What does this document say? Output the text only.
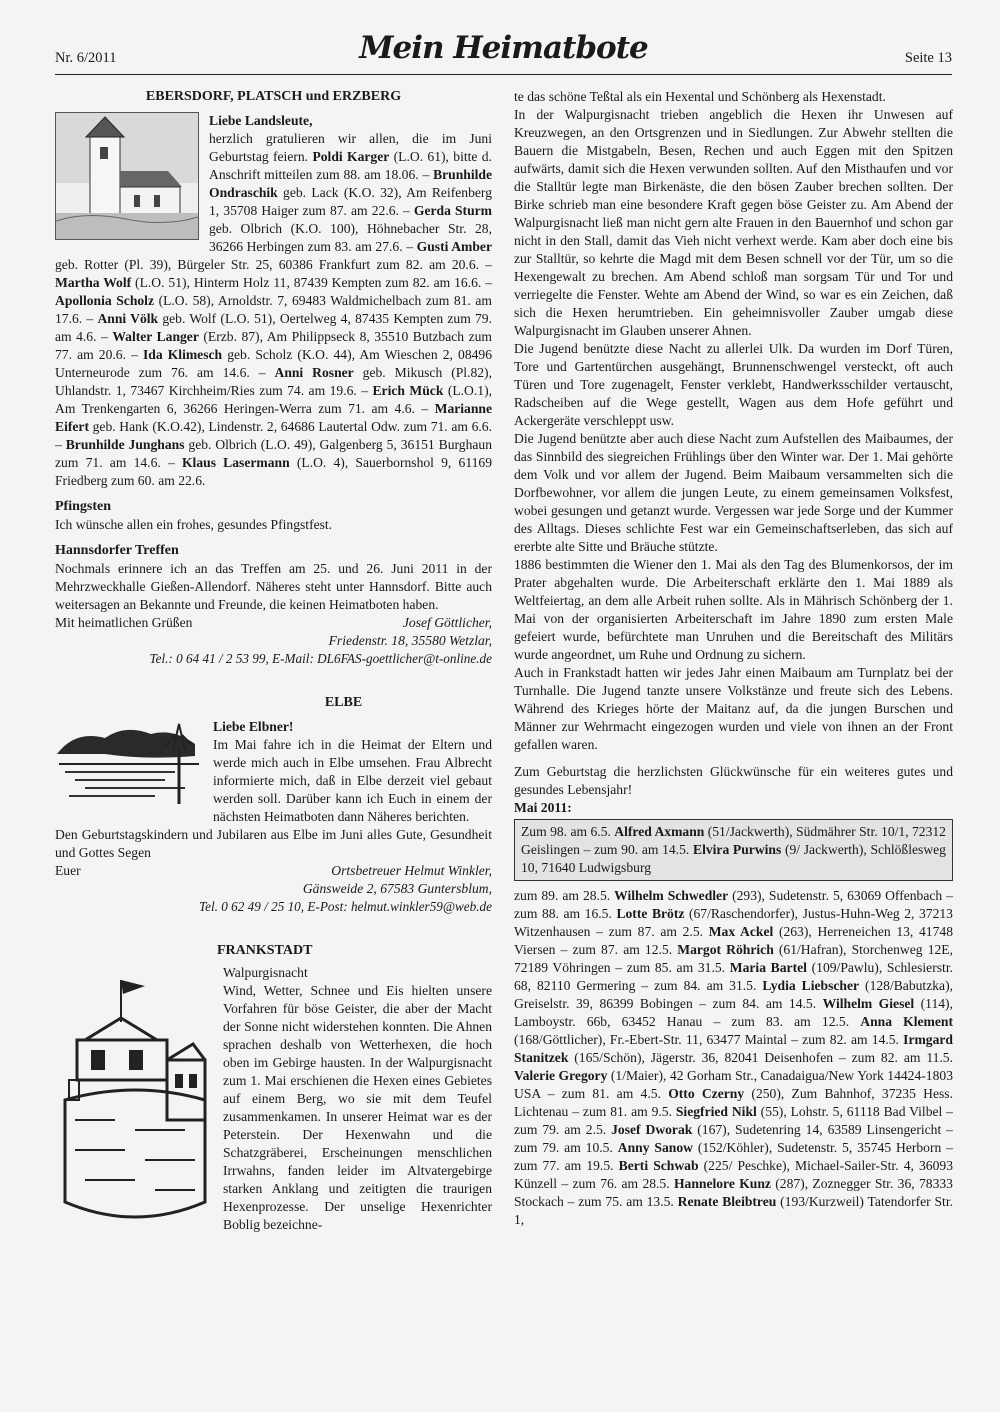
Nr. 6/2011	Mein Heimatbote	Seite 13
EBERSDORF, PLATSCH und ERZBERG

Liebe Landsleute,

herzlich gratulieren wir allen, die im Juni Geburtstag feiern. Poldi Karger (L.O. 61), bitte d. Anschrift mitteilen zum 88. am 18.06. – Brunhilde Ondraschik geb. Lack (K.O. 32), Am Reifenberg 1, 35708 Haiger zum 87. am 22.6. – Gerda Sturm geb. Olbrich (K.O. 100), Höhnebacher Str. 28, 36266 Herbingen zum 83. am 27.6. – Gusti Amber geb. Rotter (Pl. 39), Bürgeler Str. 25, 60386 Frankfurt zum 82. am 20.6. – Martha Wolf (L.O. 51), Hinterm Holz 11, 87439 Kempten zum 82. am 16.6. – Apollonia Scholz (L.O. 58), Arnoldstr. 7, 69483 Waldmichelbach zum 81. am 17.6. – Anni Völk geb. Wolf (L.O. 51), Oertelweg 4, 87435 Kempten zum 79. am 4.6. – Walter Langer (Erzb. 87), Am Philippseck 8, 35510 Butzbach zum 77. am 20.6. – Ida Klimesch geb. Scholz (K.O. 44), Am Wieschen 2, 08496 Unterneurode zum 76. am 14.6. – Anni Rosner geb. Mikusch (Pl.82), Uhlandstr. 1, 73467 Kirchheim/Ries zum 74. am 19.6. – Erich Mück (L.O.1), Am Trenkengarten 6, 36266 Heringen-Werra zum 71. am 4.6. – Marianne Eifert geb. Hank (K.O.42), Lindenstr. 2, 64686 Lautertal Odw. zum 71. am 6.6. – Brunhilde Junghans geb. Olbrich (L.O. 49), Galgenberg 5, 36151 Burghaun zum 71. am 14.6. – Klaus Lasermann (L.O. 4), Sauerbornshol 9, 61169 Friedberg zum 60. am 22.6.

Pfingsten

Ich wünsche allen ein frohes, gesundes Pfingstfest.

Hannsdorfer Treffen

Nochmals erinnere ich an das Treffen am 25. und 26. Juni 2011 in der Mehrzweckhalle Gießen-Allendorf. Näheres steht unter Hannsdorf. Bitte auch weitersagen an Bekannte und Freunde, die keinen Heimatboten haben.

Mit heimatlichen Grüßen	Josef Göttlicher,

Friedenstr. 18, 35580 Wetzlar,

Tel.: 0 64 41 / 2 53 99, E-Mail: DL6FAS-goettlicher@t-online.de

ELBE

Liebe Elbner!

Im Mai fahre ich in die Heimat der Eltern und werde mich auch in Elbe umsehen. Frau Albrecht informierte mich, daß in Elbe derzeit viel gebaut werden soll. Darüber kann ich Euch in einem der nächsten Heimatboten dann Näheres berichten.

Den Geburtstagskindern und Jubilaren aus Elbe im Juni alles Gute, Gesundheit und Gottes Segen

Euer	Ortsbetreuer Helmut Winkler,

Gänsweide 2, 67583 Guntersblum,

Tel. 0 62 49 / 25 10, E-Post: helmut.winkler59@web.de

FRANKSTADT

Walpurgisnacht

Wind, Wetter, Schnee und Eis hielten unsere Vorfahren für böse Geister, die aber der Macht der Sonne nicht widerstehen konnten. Die Ahnen sprachen deshalb von Wetterhexen, die hoch oben im Gebirge hausten. In der Walpurgisnacht zum 1. Mai erschienen die Hexen eines Gebietes auf einem Berg, wo sie mit dem Teufel zusammenkamen. In unserer Heimat war es der Peterstein. Der Hexenwahn und die Schatzgräberei, Erscheinungen menschlichen Irrwahns, fanden leider im Altvatergebirge starken Anklang und zeitigten die traurigen Hexenprozesse. Der unselige Hexenrichter Boblig bezeichne-

te das schöne Teßtal als ein Hexental und Schönberg als Hexenstadt.

In der Walpurgisnacht trieben angeblich die Hexen ihr Unwesen auf Kreuzwegen, an den Ortsgrenzen und in Siedlungen. Zur Abwehr stellten die Bauern die Mistgabeln, Besen, Rechen und auch Eggen mit den Spitzen aufwärts, damit sich die Hexen verwunden sollten. Auf den Misthaufen und vor die Stalltür legte man Birkenäste, die den bösen Zauber brechen sollten. Der Birke schrieb man eine besondere Kraft gegen böse Geister zu. Am Abend der Walpurgisnacht ließ man nicht gern alte Frauen in den Bauernhof und schon gar nicht in den Stall, damit das Vieh nicht verhext werde. Kam aber doch eine bis zur Stalltür, so kehrte die Magd mit dem Besen schnell vor der Tür, um so die Hexengewalt zu brechen. Am Abend schloß man sorgsam Tür und Tor und verriegelte die Fenster. Wehte am Abend der Wind, so war es ein Zeichen, daß sich die Hexen herumtrieben. Ein geheimnisvoller Zauber umgab diese Walpurgisnacht im Glauben unserer Ahnen.

Die Jugend benützte diese Nacht zu allerlei Ulk. Da wurden im Dorf Türen, Tore und Gartentürchen ausgehängt, Brunnenschwengel versteckt, oft auch Türen und Tore zugenagelt, Fenster verklebt, Handwerksschilder vertauscht, Radscheiben auf die Wege gestellt, Wagen aus dem Hofe geführt und Ackergeräte verschleppt usw.

Die Jugend benützte aber auch diese Nacht zum Aufstellen des Maibaumes, der das Sinnbild des siegreichen Frühlings über den Winter war. Der 1. Mai gehörte dem Volk und vor allem der Jugend. Beim Maibaum versammelten sich die Dorfbewohner, vor allem die jungen Leute, zu einem gemeinsamen Volksfest, wobei gesungen und getanzt wurde. Vergessen war jede Sorge und der Kummer des Alltags. Dieses schlichte Fest war ein Gemeinschaftserleben, das sich auf ererbte alte Sitte und Bräuche stützte.

1886 bestimmten die Wiener den 1. Mai als den Tag des Blumenkorsos, der im Prater abgehalten wurde. Die Arbeiterschaft erklärte den 1. Mai 1889 als Weltfeiertag, an dem alle Arbeit ruhen sollte. Als in Mährisch Schönberg der 1. Mai von der organisierten Arbeiterschaft im Jahre 1890 zum ersten Male gefeiert wurde, befürchtete man Unruhen und die Bereitschaft des Militärs wurde angeordnet, um Ruhe und Ordnung zu sichern.

Auch in Frankstadt hatten wir jedes Jahr einen Maibaum am Turnplatz bei der Turnhalle. Die Jugend tanzte unsere Volkstänze und freute sich des Lebens. Während des Krieges hörte der Maitanz auf, da die jungen Burschen und Männer zur Wehrmacht eingezogen wurden und viele von ihnen an der Front gefallen waren.

Zum Geburtstag die herzlichsten Glückwünsche für ein weiteres gutes und gesundes Lebensjahr!

Mai 2011:

Zum 98. am 6.5. Alfred Axmann (51/Jackwerth), Südmährer Str. 10/1, 72312 Geislingen – zum 90. am 14.5. Elvira Purwins (9/ Jackwerth), Schlößlesweg 10, 71640 Ludwigsburg

zum 89. am 28.5. Wilhelm Schwedler (293), Sudetenstr. 5, 63069 Offenbach – zum 88. am 16.5. Lotte Brötz (67/Raschendorfer), Justus-Huhn-Weg 2, 37213 Witzenhausen – zum 87. am 2.5. Max Ackel (263), Herreneichen 13, 41748 Viersen – zum 87. am 12.5. Margot Röhrich (61/Hafran), Storchenweg 12E, 72189 Vöhringen – zum 85. am 31.5. Maria Bartel (109/Pawlu), Schlesierstr. 68, 82110 Germering – zum 84. am 31.5. Lydia Liebscher (128/Babutzka), Greiselstr. 39, 86399 Bobingen – zum 84. am 14.5. Wilhelm Giesel (114), Lamboystr. 66b, 63452 Hanau – zum 83. am 12.5. Anna Klement (168/Göttlicher), Fr.-Ebert-Str. 11, 63477 Maintal – zum 82. am 14.5. Irmgard Stanitzek (165/Schön), Jägerstr. 36, 82041 Deisenhofen – zum 82. am 11.5. Valerie Gregory (1/Maier), 42 Gorham Str., Canadaigua/New York 14424-1803 USA – zum 81. am 4.5. Otto Czerny (250), Zum Bahnhof, 37235 Hess. Lichtenau – zum 81. am 9.5. Siegfried Nikl (55), Lohstr. 5, 61118 Bad Vilbel – zum 79. am 2.5. Josef Dworak (167), Sudetenring 14, 63589 Linsengericht – zum 79. am 10.5. Anny Sanow (152/Köhler), Sudetenstr. 5, 35745 Herborn – zum 77. am 19.5. Berti Schwab (225/ Peschke), Michael-Sailer-Str. 4, 36093 Künzell – zum 76. am 28.5. Hannelore Kunz (287), Zoznegger Str. 36, 78333 Stockach – zum 75. am 13.5. Renate Bleibtreu (193/Kurzweil) Tatendorfer Str. 1,
